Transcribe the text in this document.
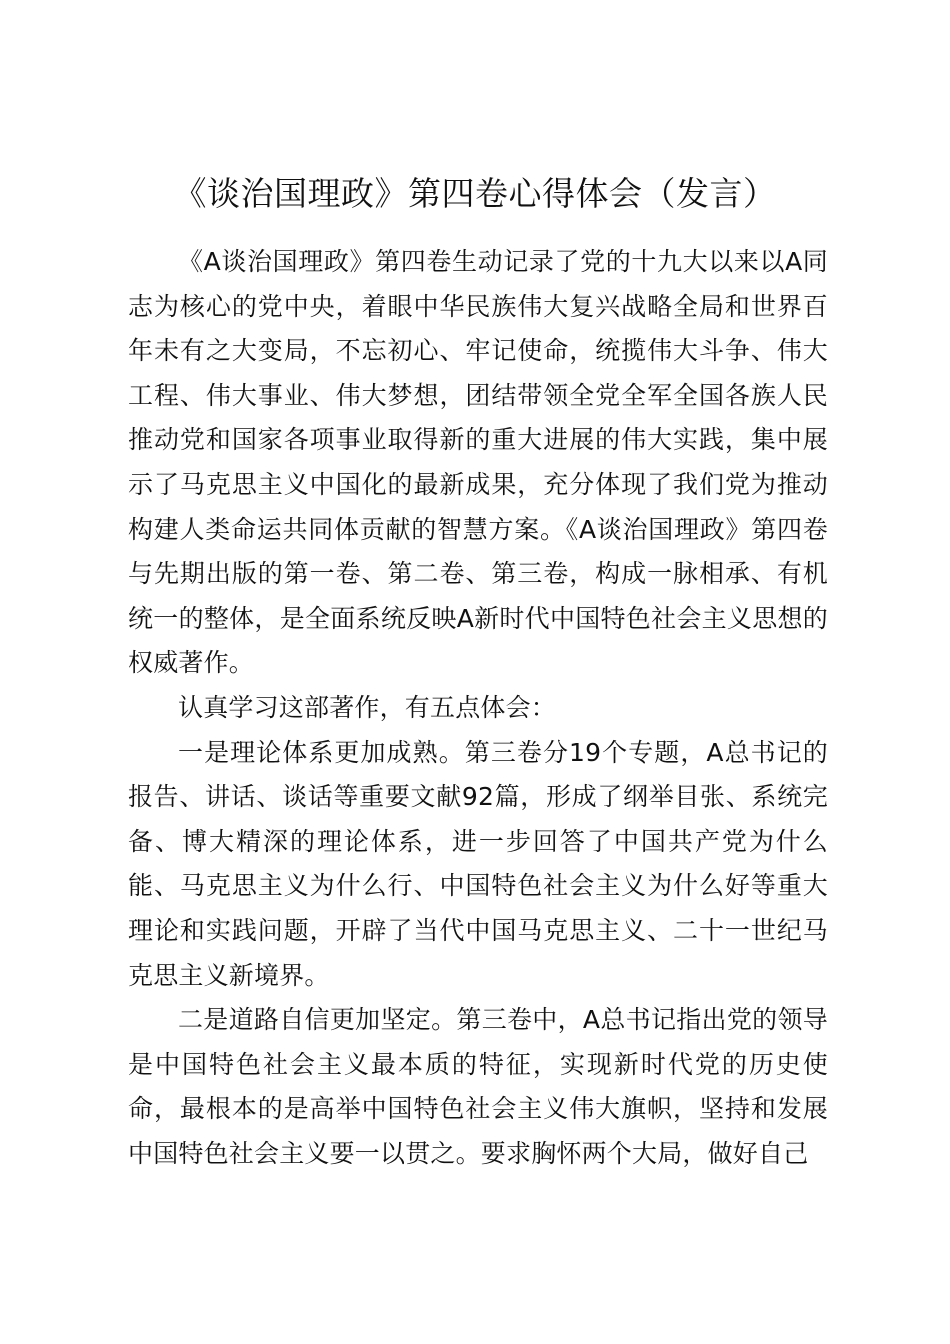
《谈治国理政》第四卷心得体会（发言）

《A谈治国理政》第四卷生动记录了党的十九大以来以A同志为核心的党中央，着眼中华民族伟大复兴战略全局和世界百年未有之大变局，不忘初心、牢记使命，统揽伟大斗争、伟大工程、伟大事业、伟大梦想，团结带领全党全军全国各族人民推动党和国家各项事业取得新的重大进展的伟大实践，集中展示了马克思主义中国化的最新成果，充分体现了我们党为推动构建人类命运共同体贡献的智慧方案。《A谈治国理政》第四卷与先期出版的第一卷、第二卷、第三卷，构成一脉相承、有机统一的整体，是全面系统反映A新时代中国特色社会主义思想的权威著作。

认真学习这部著作，有五点体会：

一是理论体系更加成熟。第三卷分19个专题，A总书记的报告、讲话、谈话等重要文献92篇，形成了纲举目张、系统完备、博大精深的理论体系，进一步回答了中国共产党为什么能、马克思主义为什么行、中国特色社会主义为什么好等重大理论和实践问题，开辟了当代中国马克思主义、二十一世纪马克思主义新境界。

二是道路自信更加坚定。第三卷中，A总书记指出党的领导是中国特色社会主义最本质的特征，实现新时代党的历史使命，最根本的是高举中国特色社会主义伟大旗帜，坚持和发展中国特色社会主义要一以贯之。要求胸怀两个大局，做好自己
